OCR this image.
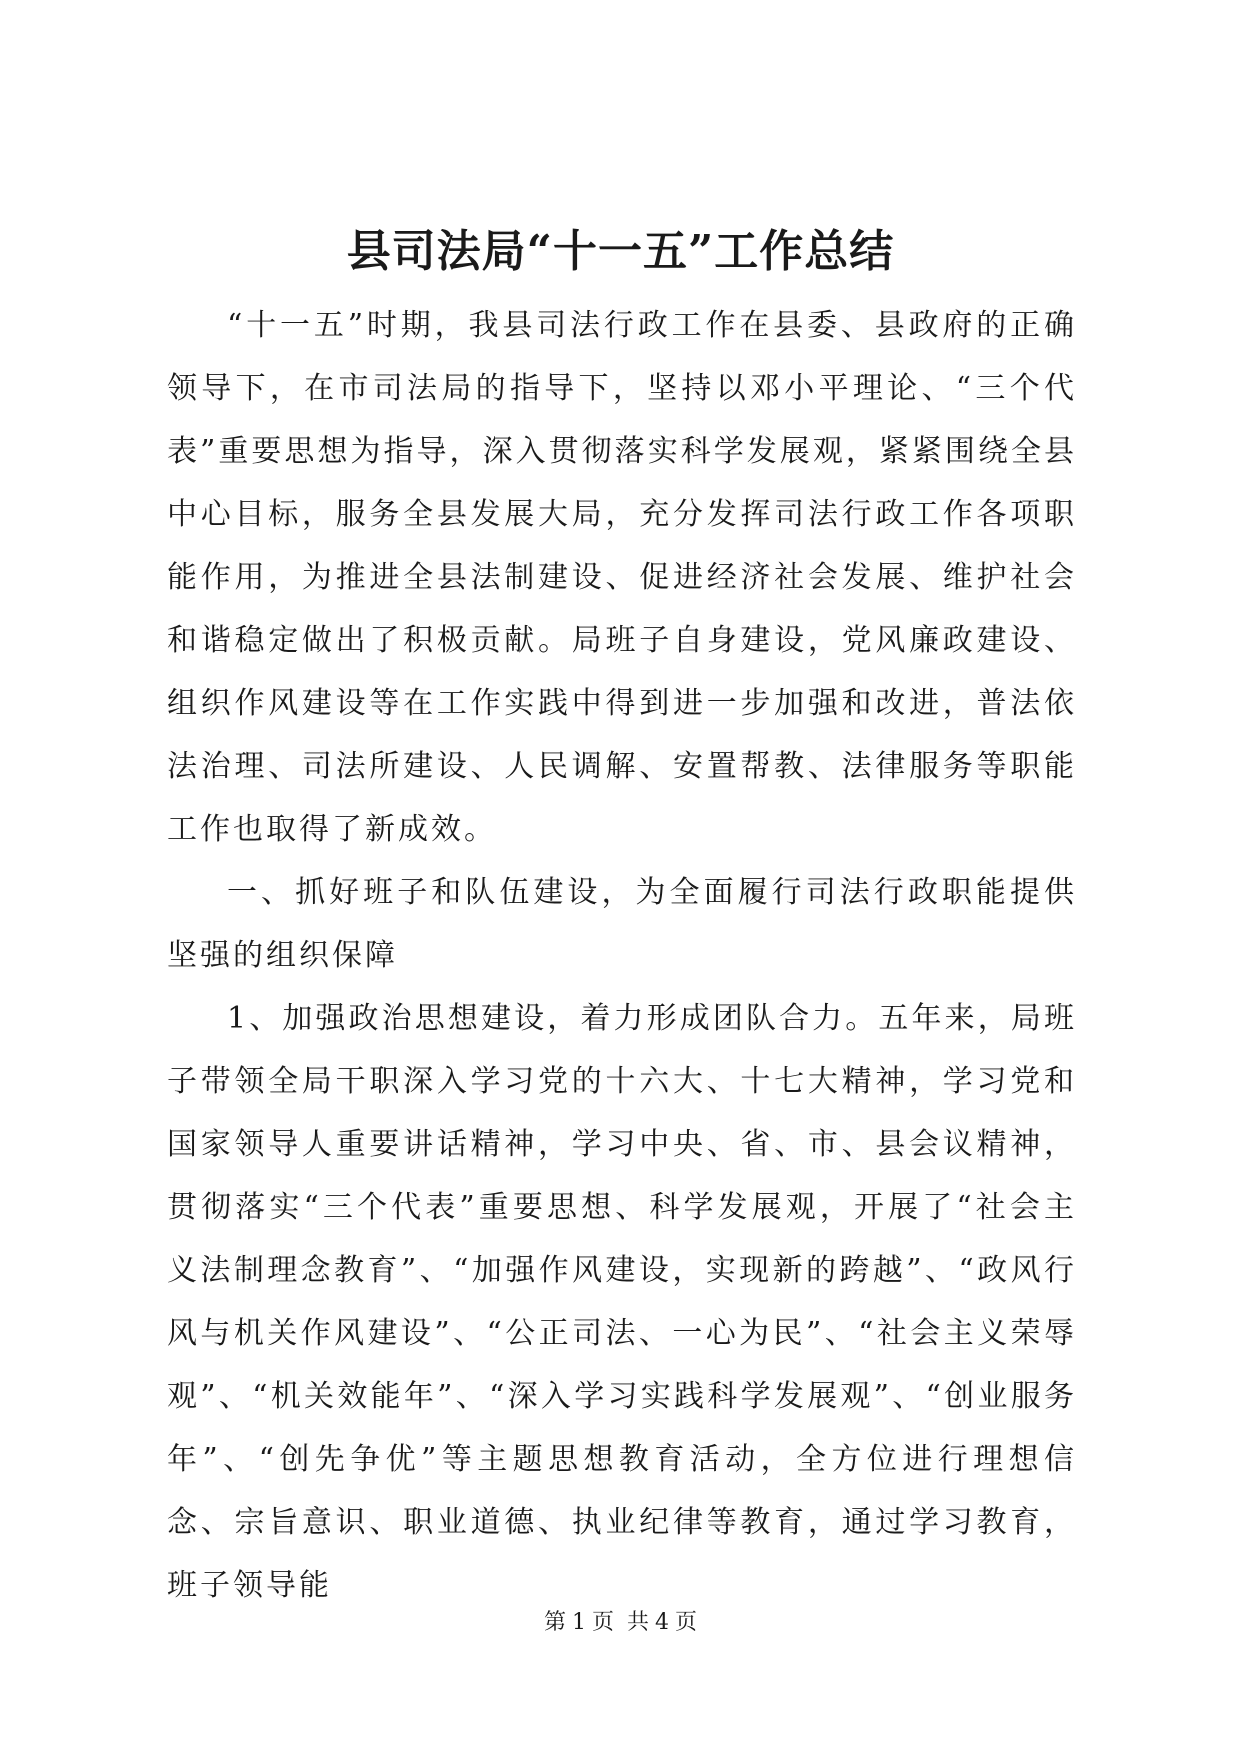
县司法局“十一五”工作总结

“十一五”时期，我县司法行政工作在县委、县政府的正确领导下，在市司法局的指导下，坚持以邓小平理论、“三个代表”重要思想为指导，深入贯彻落实科学发展观，紧紧围绕全县中心目标，服务全县发展大局，充分发挥司法行政工作各项职能作用，为推进全县法制建设、促进经济社会发展、维护社会和谐稳定做出了积极贡献。局班子自身建设，党风廉政建设、组织作风建设等在工作实践中得到进一步加强和改进，普法依法治理、司法所建设、人民调解、安置帮教、法律服务等职能工作也取得了新成效。

一、抓好班子和队伍建设，为全面履行司法行政职能提供坚强的组织保障

1、加强政治思想建设，着力形成团队合力。五年来，局班子带领全局干职深入学习党的十六大、十七大精神，学习党和国家领导人重要讲话精神，学习中央、省、市、县会议精神，贯彻落实“三个代表”重要思想、科学发展观，开展了“社会主义法制理念教育”、“加强作风建设，实现新的跨越”、“政风行风与机关作风建设”、“公正司法、一心为民”、“社会主义荣辱观”、“机关效能年”、“深入学习实践科学发展观”、“创业服务年”、“创先争优”等主题思想教育活动，全方位进行理想信念、宗旨意识、职业道德、执业纪律等教育，通过学习教育，班子领导能

第 1 页 共 4 页
